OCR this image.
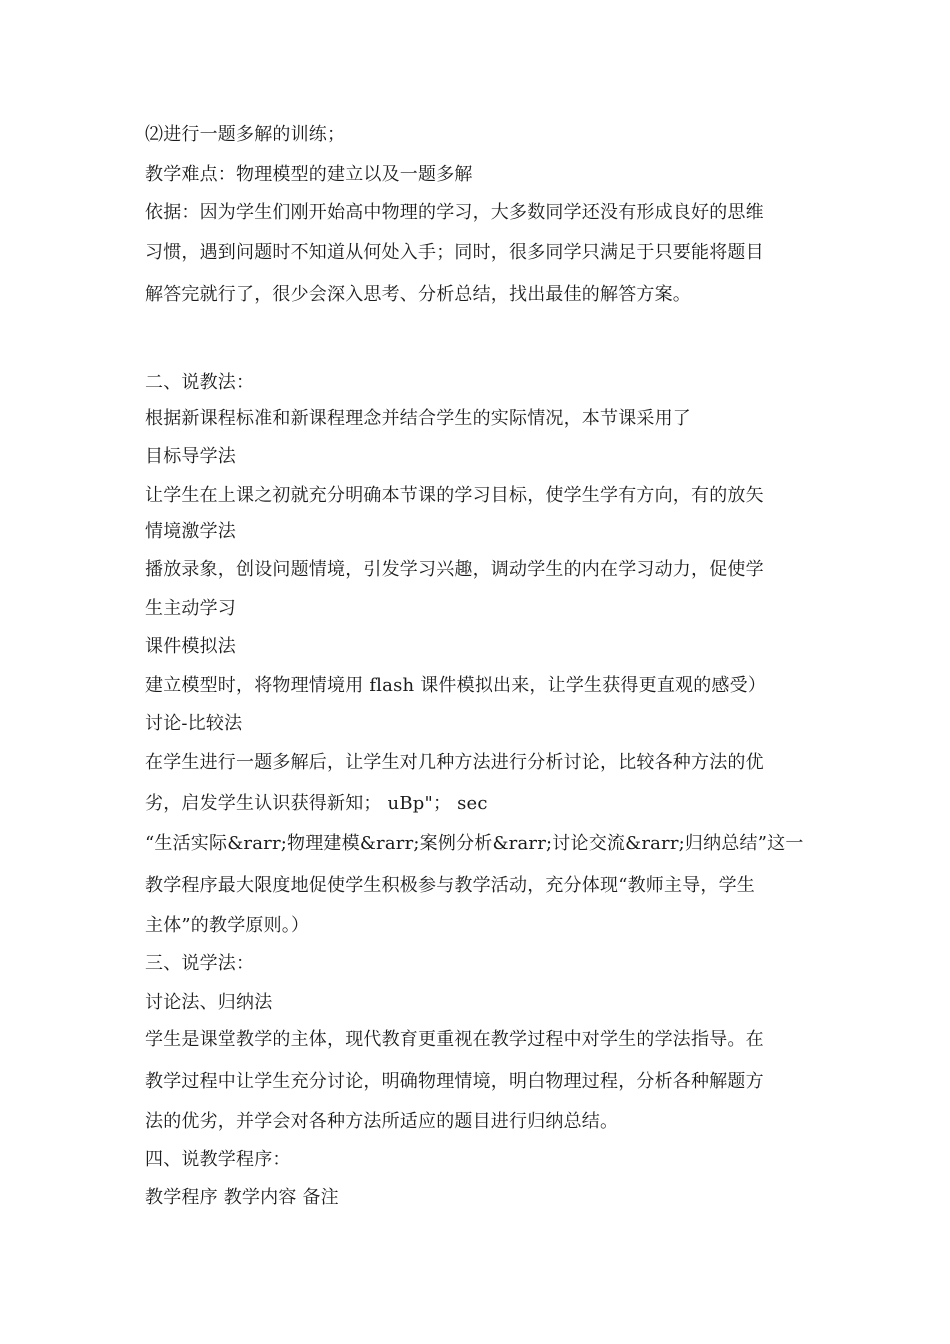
⑵进行一题多解的训练；
教学难点：物理模型的建立以及一题多解
依据：因为学生们刚开始高中物理的学习，大多数同学还没有形成良好的思维
习惯，遇到问题时不知道从何处入手；同时，很多同学只满足于只要能将题目
解答完就行了，很少会深入思考、分析总结，找出最佳的解答方案。
二、说教法：
根据新课程标准和新课程理念并结合学生的实际情况，本节课采用了
目标导学法
让学生在上课之初就充分明确本节课的学习目标，使学生学有方向，有的放矢
情境激学法
播放录象，创设问题情境，引发学习兴趣，调动学生的内在学习动力，促使学
生主动学习
课件模拟法
建立模型时，将物理情境用 flash 课件模拟出来，让学生获得更直观的感受）
讨论-比较法
在学生进行一题多解后，让学生对几种方法进行分析讨论，比较各种方法的优
劣，启发学生认识获得新知； uBp"； sec
“生活实际&rarr;物理建模&rarr;案例分析&rarr;讨论交流&rarr;归纳总结”这一
教学程序最大限度地促使学生积极参与教学活动，充分体现“教师主导，学生
主体”的教学原则。）
三、说学法：
讨论法、归纳法
学生是课堂教学的主体，现代教育更重视在教学过程中对学生的学法指导。在
教学过程中让学生充分讨论，明确物理情境，明白物理过程，分析各种解题方
法的优劣，并学会对各种方法所适应的题目进行归纳总结。
四、说教学程序：
教学程序 教学内容 备注
